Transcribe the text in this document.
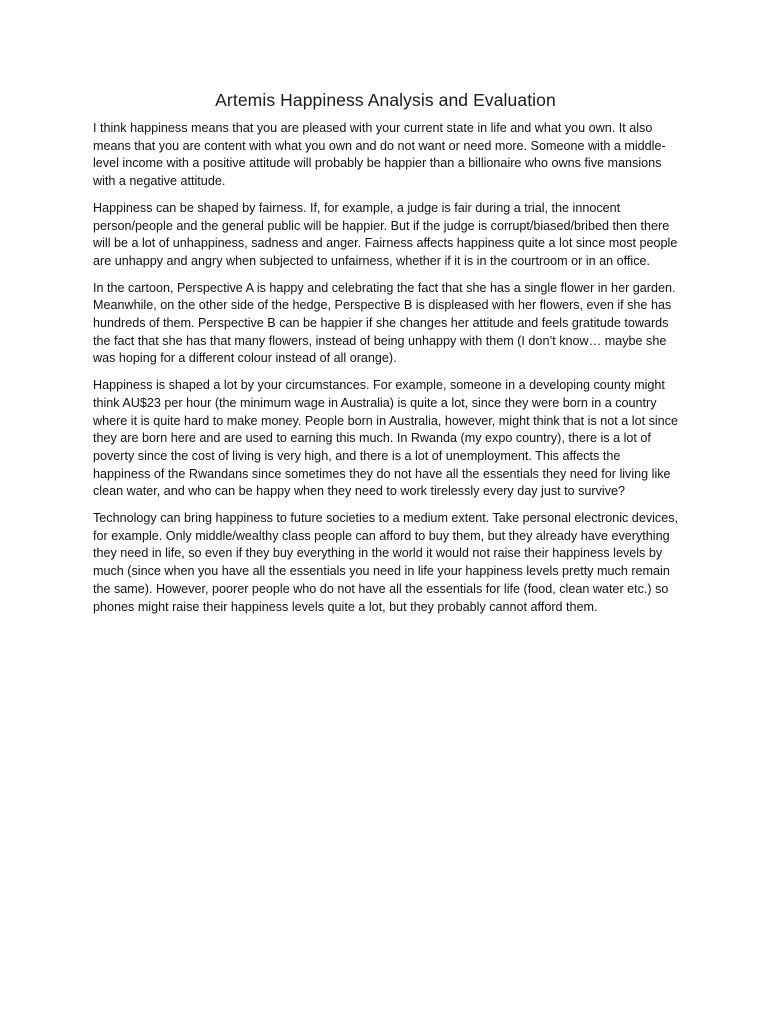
Artemis Happiness Analysis and Evaluation

I think happiness means that you are pleased with your current state in life and what you own. It also means that you are content with what you own and do not want or need more. Someone with a middle-level income with a positive attitude will probably be happier than a billionaire who owns five mansions with a negative attitude.

Happiness can be shaped by fairness. If, for example, a judge is fair during a trial, the innocent person/people and the general public will be happier. But if the judge is corrupt/biased/bribed then there will be a lot of unhappiness, sadness and anger. Fairness affects happiness quite a lot since most people are unhappy and angry when subjected to unfairness, whether if it is in the courtroom or in an office.

In the cartoon, Perspective A is happy and celebrating the fact that she has a single flower in her garden. Meanwhile, on the other side of the hedge, Perspective B is displeased with her flowers, even if she has hundreds of them. Perspective B can be happier if she changes her attitude and feels gratitude towards the fact that she has that many flowers, instead of being unhappy with them (I don’t know… maybe she was hoping for a different colour instead of all orange).

Happiness is shaped a lot by your circumstances. For example, someone in a developing county might think AU$23 per hour (the minimum wage in Australia) is quite a lot, since they were born in a country where it is quite hard to make money. People born in Australia, however, might think that is not a lot since they are born here and are used to earning this much. In Rwanda (my expo country), there is a lot of poverty since the cost of living is very high, and there is a lot of unemployment. This affects the happiness of the Rwandans since sometimes they do not have all the essentials they need for living like clean water, and who can be happy when they need to work tirelessly every day just to survive?

Technology can bring happiness to future societies to a medium extent. Take personal electronic devices, for example. Only middle/wealthy class people can afford to buy them, but they already have everything they need in life, so even if they buy everything in the world it would not raise their happiness levels by much (since when you have all the essentials you need in life your happiness levels pretty much remain the same). However, poorer people who do not have all the essentials for life (food, clean water etc.) so phones might raise their happiness levels quite a lot, but they probably cannot afford them.
